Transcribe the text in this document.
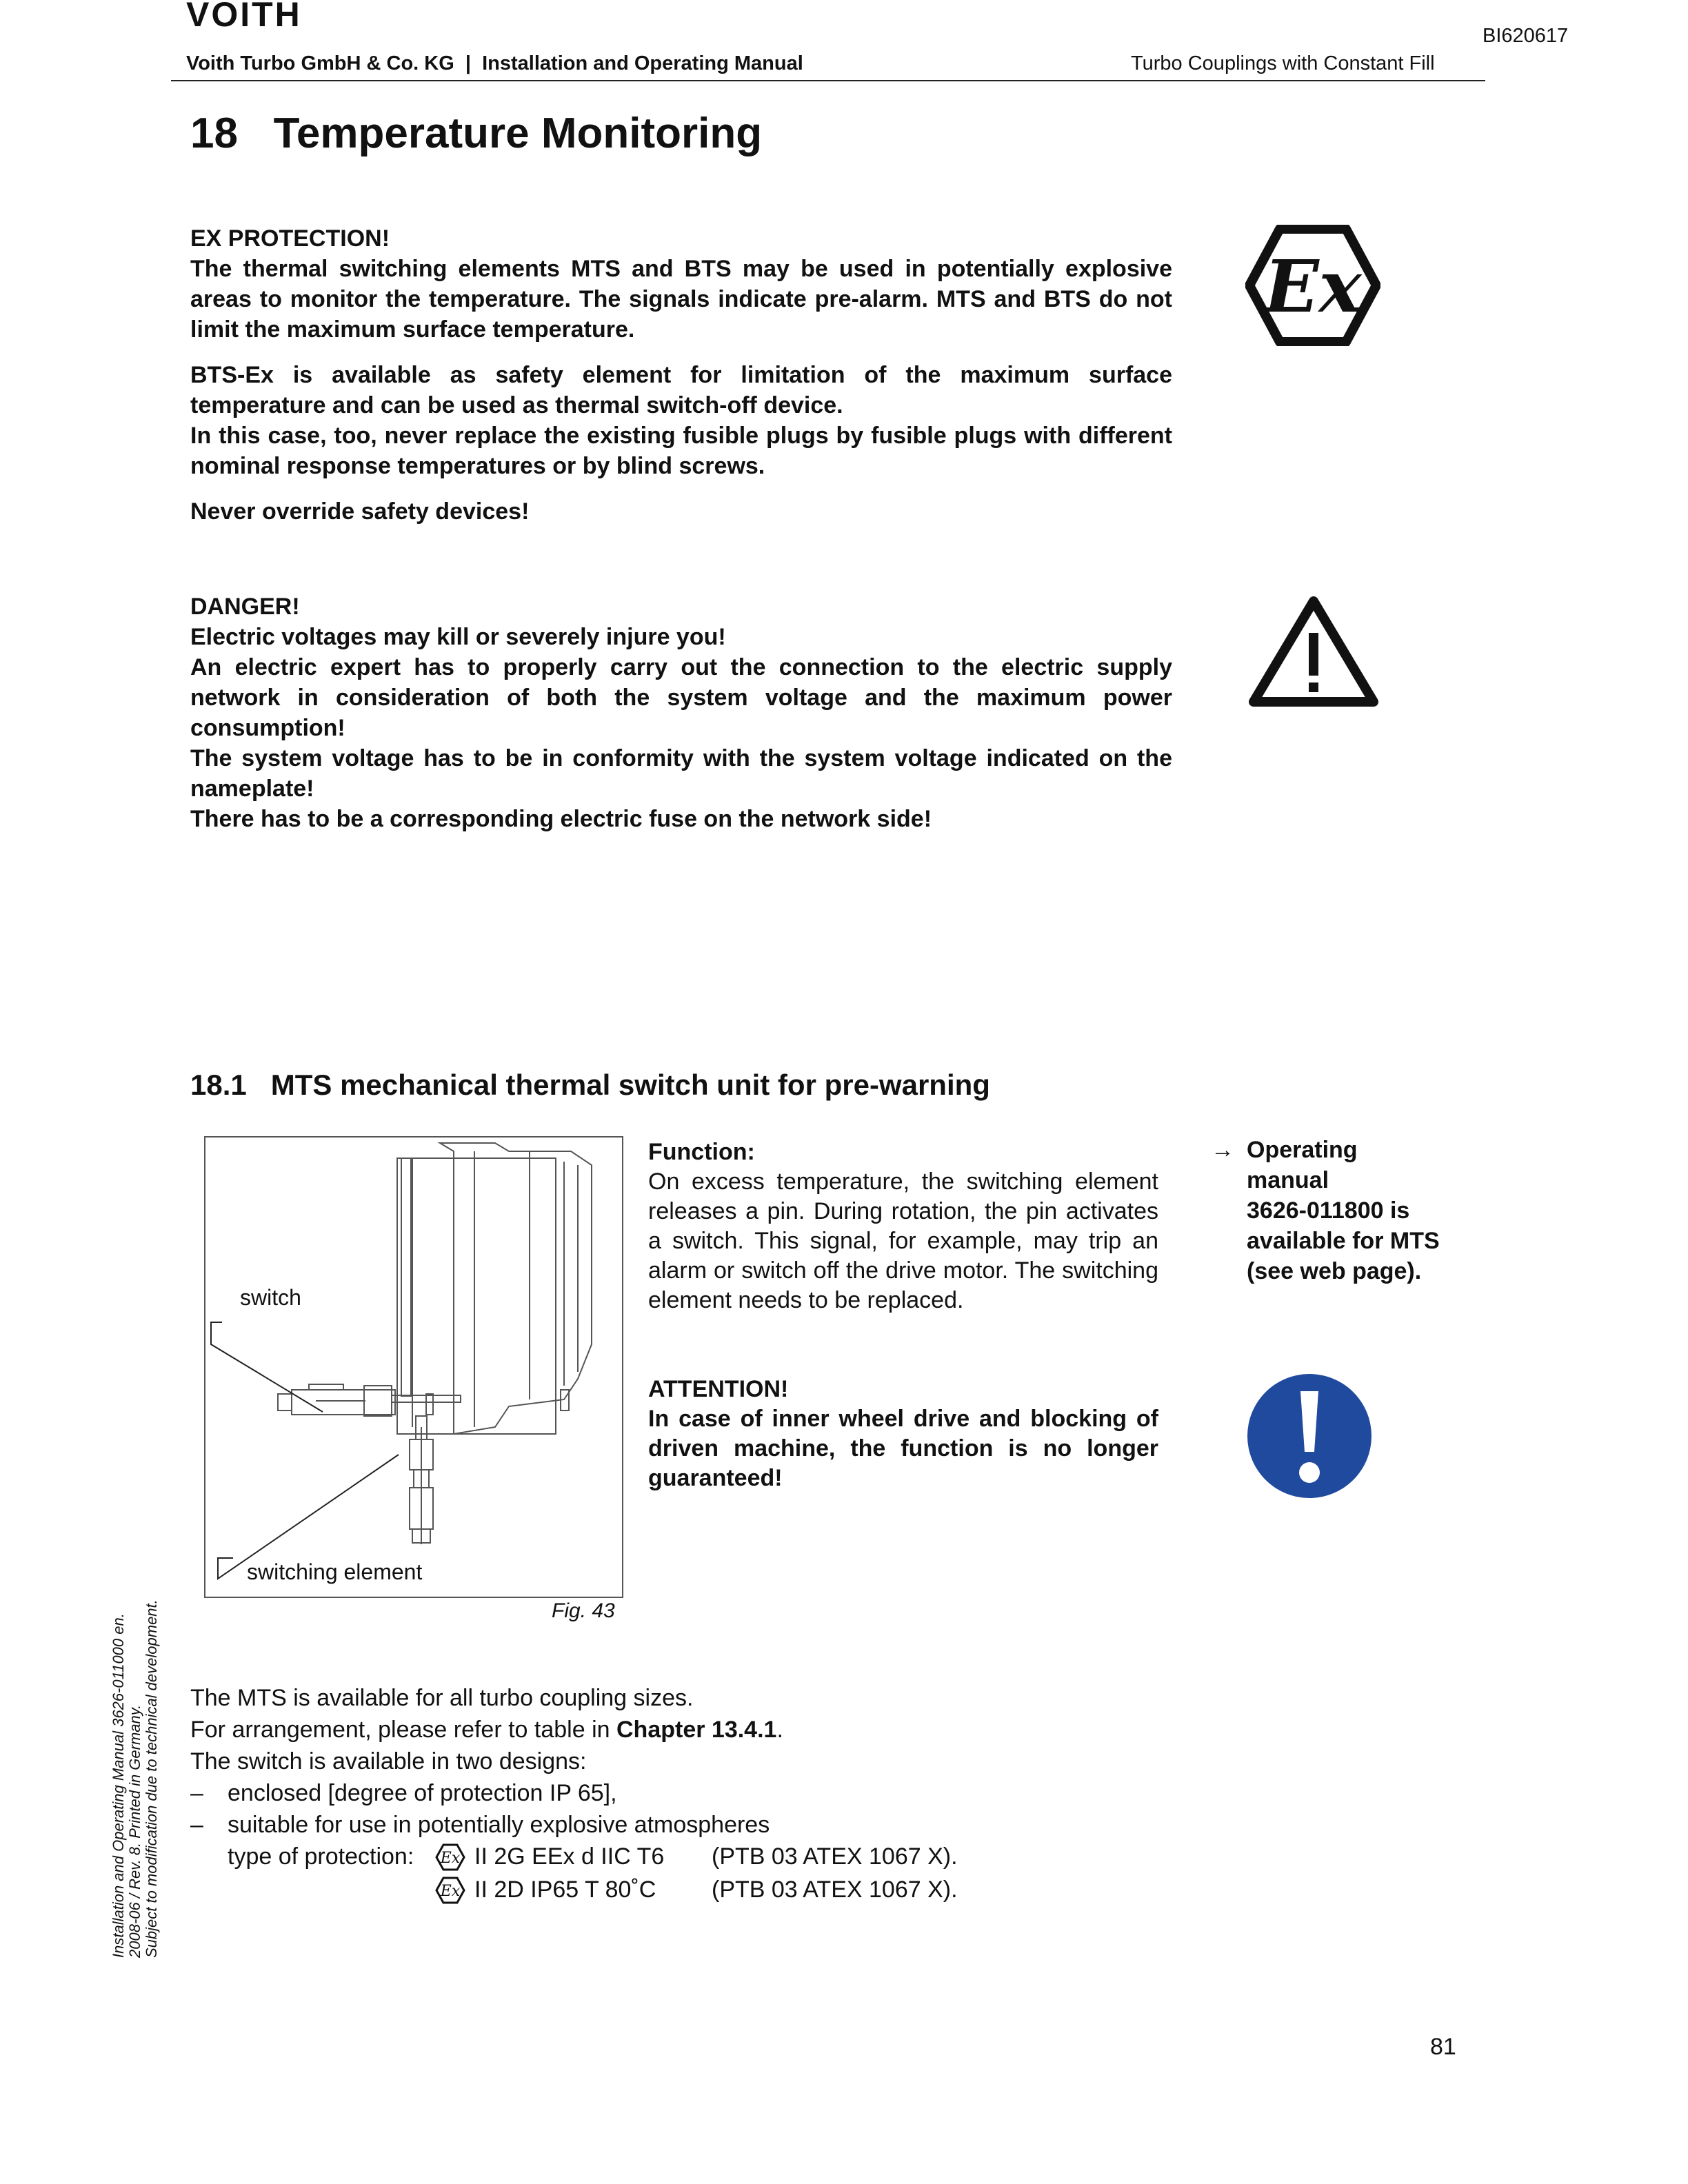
VOITH
BI620617
Voith Turbo GmbH & Co. KG  |  Installation and Operating Manual	Turbo Couplings with Constant Fill
18 Temperature Monitoring
EX PROTECTION!
The thermal switching elements MTS and BTS may be used in potentially explosive areas to monitor the temperature. The signals indicate pre-alarm. MTS and BTS do not limit the maximum surface temperature.
BTS-Ex is available as safety element for limitation of the maximum surface temperature and can be used as thermal switch-off device.
In this case, too, never replace the existing fusible plugs by fusible plugs with different nominal response temperatures or by blind screws.
Never override safety devices!
Ex
DANGER!
Electric voltages may kill or severely injure you!
An electric expert has to properly carry out the connection to the electric supply network in consideration of both the system voltage and the maximum power consumption!
The system voltage has to be in conformity with the system voltage indicated on the nameplate!
There has to be a corresponding electric fuse on the network side!
18.1 MTS mechanical thermal switch unit for pre-warning
switch
switching element
Fig. 43
Function:
On excess temperature, the switching element releases a pin. During rotation, the pin activates a switch. This signal, for example, may trip an alarm or switch off the drive motor. The switching element needs to be replaced.
ATTENTION!
In case of inner wheel drive and blocking of driven machine, the function is no longer guaranteed!
→ Operating
manual
3626-011800 is
available for MTS
(see web page).
The MTS is available for all turbo coupling sizes.
For arrangement, please refer to table in Chapter 13.4.1.
The switch is available in two designs:
– enclosed [degree of protection IP 65],
– suitable for use in potentially explosive atmospheres
type of protection: Ex II 2G EEx d IIC T6 (PTB 03 ATEX 1067 X).
Ex II 2D IP65 T 80˚C (PTB 03 ATEX 1067 X).
Installation and Operating Manual 3626-011000 en. 2008-06 / Rev. 8. Printed in Germany. Subject to modification due to technical development.
81
